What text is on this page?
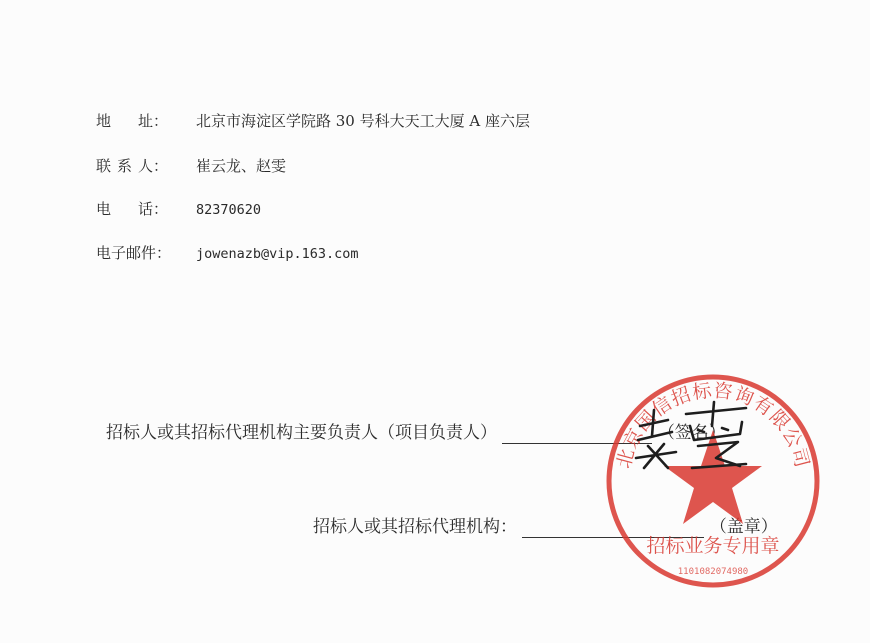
地 址： 北京市海淀区学院路 30 号科大天工大厦 A 座六层
联 系 人： 崔云龙、赵雯
电 话： 82370620
电子邮件：	jowenazb@vip.163.com
招标人或其招标代理机构主要负责人（项目负责人）	（签名）
招标人或其招标代理机构：	（盖章）
北京国信招标咨询有限公司
招标业务专用章
1101082074980
